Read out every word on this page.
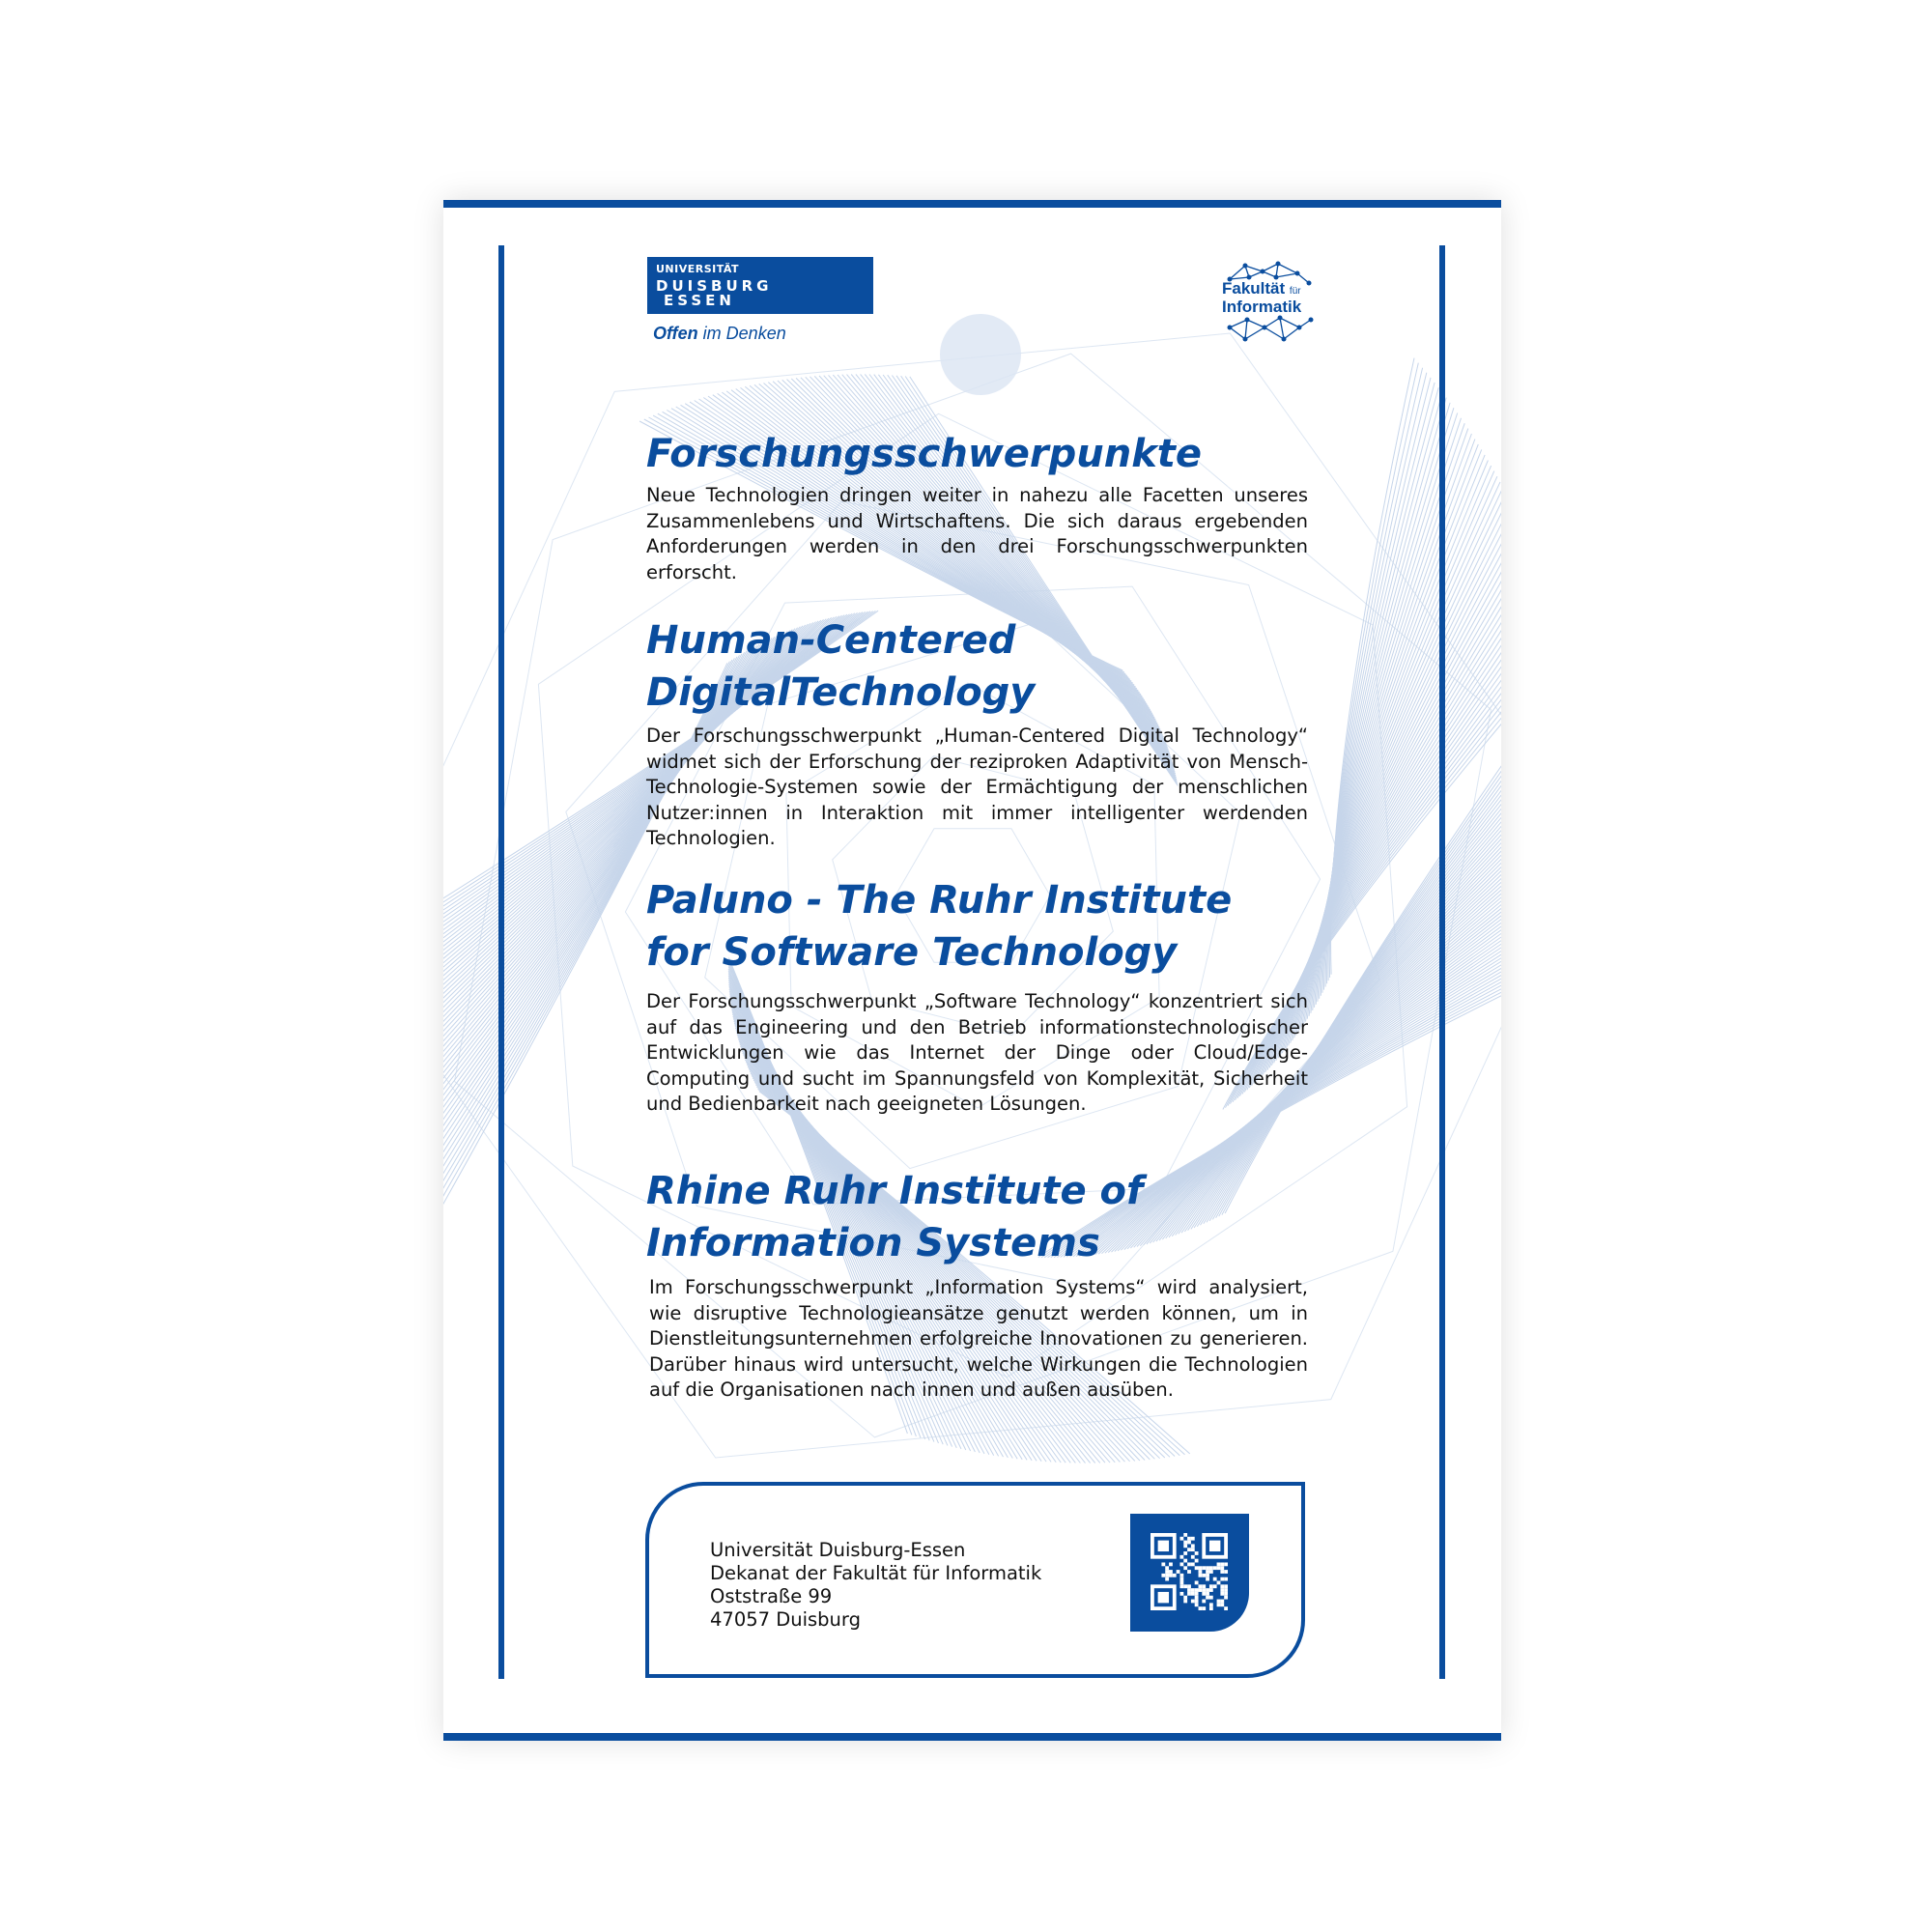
UNIVERSITÄT
DUISBURG
ESSEN
Offen im Denken
Fakultät für
Informatik
Forschungsschwerpunkte

Neue Technologien dringen weiter in nahezu alle Facetten unseres Zusammenlebens und Wirtschaftens. Die sich daraus ergebenden Anforderungen werden in den drei Forschungsschwerpunkten erforscht.

Human-Centered
DigitalTechnology

Der Forschungsschwerpunkt „Human-Centered Digital Technology“ widmet sich der Erforschung der reziproken Adaptivität von Mensch-Technologie-Systemen sowie der Ermächtigung der menschlichen Nutzer:innen in Interaktion mit immer intelligenter werdenden Technologien.

Paluno - The Ruhr Institute
for Software Technology

Der Forschungsschwerpunkt „Software Technology“ konzentriert sich auf das Engineering und den Betrieb informationstechnologischer Entwicklungen wie das Internet der Dinge oder Cloud/Edge-Computing und sucht im Spannungsfeld von Komplexität, Sicherheit und Bedienbarkeit nach geeigneten Lösungen.

Rhine Ruhr Institute of
Information Systems

Im Forschungsschwerpunkt „Information Systems“ wird analysiert, wie disruptive Technologieansätze genutzt werden können, um in Dienstleitungsunternehmen erfolgreiche Innovationen zu generieren. Darüber hinaus wird untersucht, welche Wirkungen die Technologien auf die Organisationen nach innen und außen ausüben.

Universität Duisburg-Essen
Dekanat der Fakultät für Informatik
Oststraße 99
47057 Duisburg
